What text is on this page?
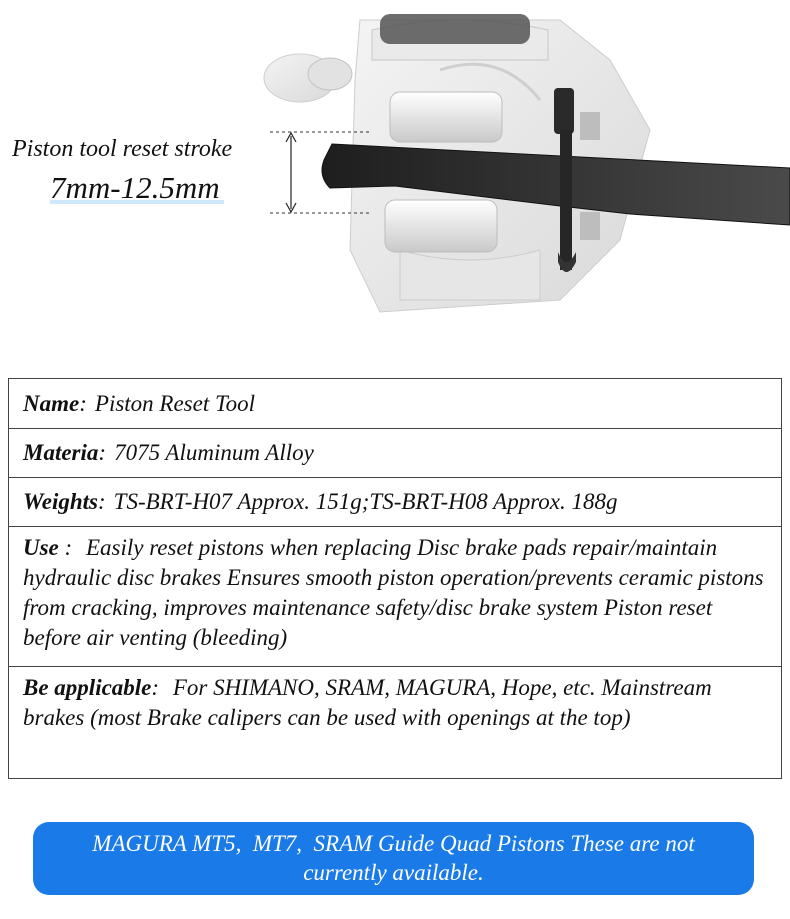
Piston tool reset stroke
7mm-12.5mm
Name : Piston Reset Tool
Materia : 7075 Aluminum Alloy
Weights : TS-BRT-H07 Approx. 151g;TS-BRT-H08 Approx. 188g
Use : Easily reset pistons when replacing Disc brake pads repair/maintain hydraulic disc brakes Ensures smooth piston operation/prevents ceramic pistons from cracking, improves maintenance safety/disc brake system Piston reset before air venting (bleeding)
Be applicable: For SHIMANO, SRAM, MAGURA, Hope, etc. Mainstream brakes (most Brake calipers can be used with openings at the top)
MAGURA MT5,  MT7,  SRAM Guide Quad Pistons These are not currently available.
